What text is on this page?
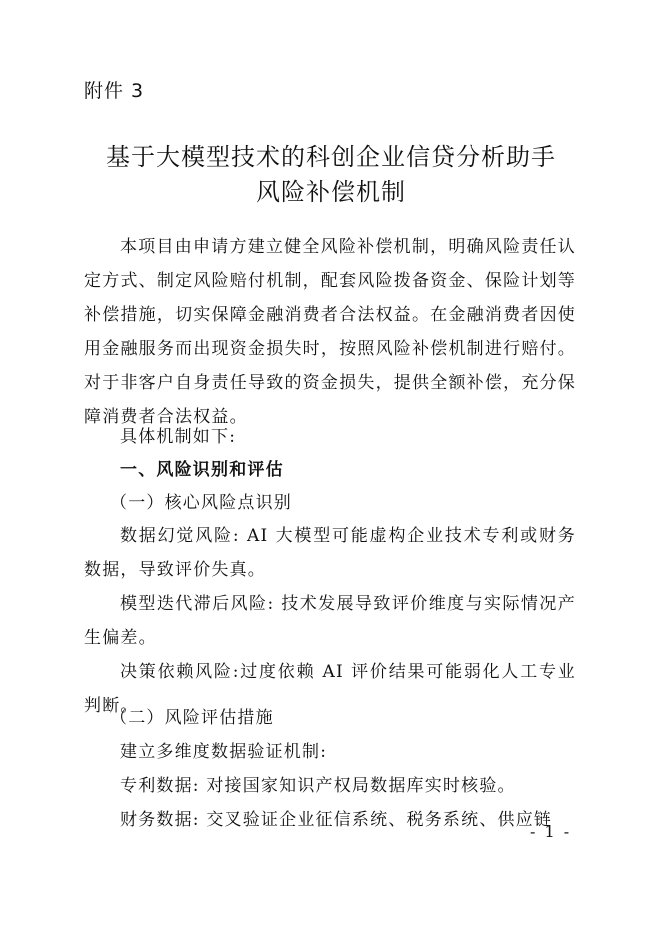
附件 3
基于大模型技术的科创企业信贷分析助手
风险补偿机制

本项目由申请方建立健全风险补偿机制，明确风险责任认定方式、制定风险赔付机制，配套风险拨备资金、保险计划等补偿措施，切实保障金融消费者合法权益。在金融消费者因使用金融服务而出现资金损失时，按照风险补偿机制进行赔付。对于非客户自身责任导致的资金损失，提供全额补偿，充分保障消费者合法权益。

具体机制如下:

一、风险识别和评估

（一）核心风险点识别

数据幻觉风险: AI 大模型可能虚构企业技术专利或财务数据，导致评价失真。

模型迭代滞后风险: 技术发展导致评价维度与实际情况产生偏差。

决策依赖风险:过度依赖 AI 评价结果可能弱化人工专业判断。

（二）风险评估措施

建立多维度数据验证机制:

专利数据: 对接国家知识产权局数据库实时核验。

财务数据: 交叉验证企业征信系统、税务系统、供应链

- 1 -
